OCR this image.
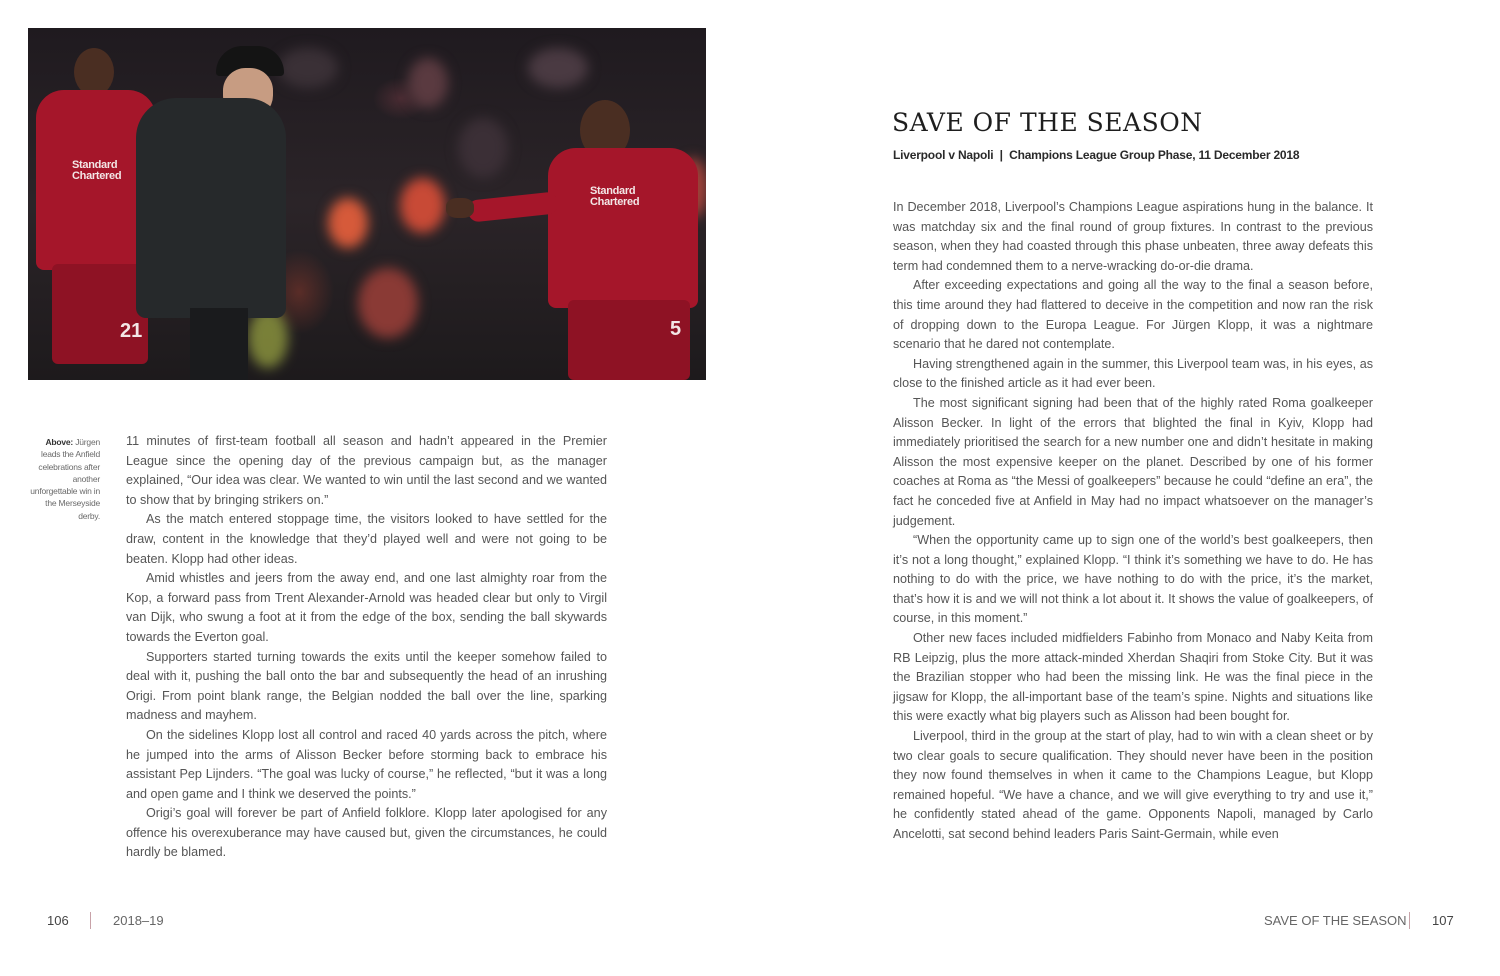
Standard
Chartered
21
Standard
Chartered
5
Above: Jürgen leads the Anfield celebrations after another unforgettable win in the Merseyside derby.

11 minutes of first-team football all season and hadn’t appeared in the Premier League since the opening day of the previous campaign but, as the manager explained, “Our idea was clear. We wanted to win until the last second and we wanted to show that by bringing strikers on.”

As the match entered stoppage time, the visitors looked to have settled for the draw, content in the knowledge that they’d played well and were not going to be beaten. Klopp had other ideas.

Amid whistles and jeers from the away end, and one last almighty roar from the Kop, a forward pass from Trent Alexander-Arnold was headed clear but only to Virgil van Dijk, who swung a foot at it from the edge of the box, sending the ball skywards towards the Everton goal.

Supporters started turning towards the exits until the keeper somehow failed to deal with it, pushing the ball onto the bar and subsequently the head of an inrushing Origi. From point blank range, the Belgian nodded the ball over the line, sparking madness and mayhem.

On the sidelines Klopp lost all control and raced 40 yards across the pitch, where he jumped into the arms of Alisson Becker before storming back to embrace his assistant Pep Lijnders. “The goal was lucky of course,” he reflected, “but it was a long and open game and I think we deserved the points.”

Origi’s goal will forever be part of Anfield folklore. Klopp later apologised for any offence his overexuberance may have caused but, given the circumstances, he could hardly be blamed.

SAVE OF THE SEASON
Liverpool v Napoli  |  Champions League Group Phase, 11 December 2018

In December 2018, Liverpool’s Champions League aspirations hung in the balance. It was matchday six and the final round of group fixtures. In contrast to the previous season, when they had coasted through this phase unbeaten, three away defeats this term had condemned them to a nerve-wracking do-or-die drama.

After exceeding expectations and going all the way to the final a season before, this time around they had flattered to deceive in the competition and now ran the risk of dropping down to the Europa League. For Jürgen Klopp, it was a nightmare scenario that he dared not contemplate.

Having strengthened again in the summer, this Liverpool team was, in his eyes, as close to the finished article as it had ever been.

The most significant signing had been that of the highly rated Roma goalkeeper Alisson Becker. In light of the errors that blighted the final in Kyiv, Klopp had immediately prioritised the search for a new number one and didn’t hesitate in making Alisson the most expensive keeper on the planet. Described by one of his former coaches at Roma as “the Messi of goalkeepers” because he could “define an era”, the fact he conceded five at Anfield in May had no impact whatsoever on the manager’s judgement.

“When the opportunity came up to sign one of the world’s best goalkeepers, then it’s not a long thought,” explained Klopp. “I think it’s something we have to do. He has nothing to do with the price, we have nothing to do with the price, it’s the market, that’s how it is and we will not think a lot about it. It shows the value of goalkeepers, of course, in this moment.”

Other new faces included midfielders Fabinho from Monaco and Naby Keita from RB Leipzig, plus the more attack-minded Xherdan Shaqiri from Stoke City. But it was the Brazilian stopper who had been the missing link. He was the final piece in the jigsaw for Klopp, the all-important base of the team’s spine. Nights and situations like this were exactly what big players such as Alisson had been bought for.

Liverpool, third in the group at the start of play, had to win with a clean sheet or by two clear goals to secure qualification. They should never have been in the position they now found themselves in when it came to the Champions League, but Klopp remained hopeful. “We have a chance, and we will give everything to try and use it,” he confidently stated ahead of the game. Opponents Napoli, managed by Carlo Ancelotti, sat second behind leaders Paris Saint-Germain, while even

106	2018–19	SAVE OF THE SEASON 107
